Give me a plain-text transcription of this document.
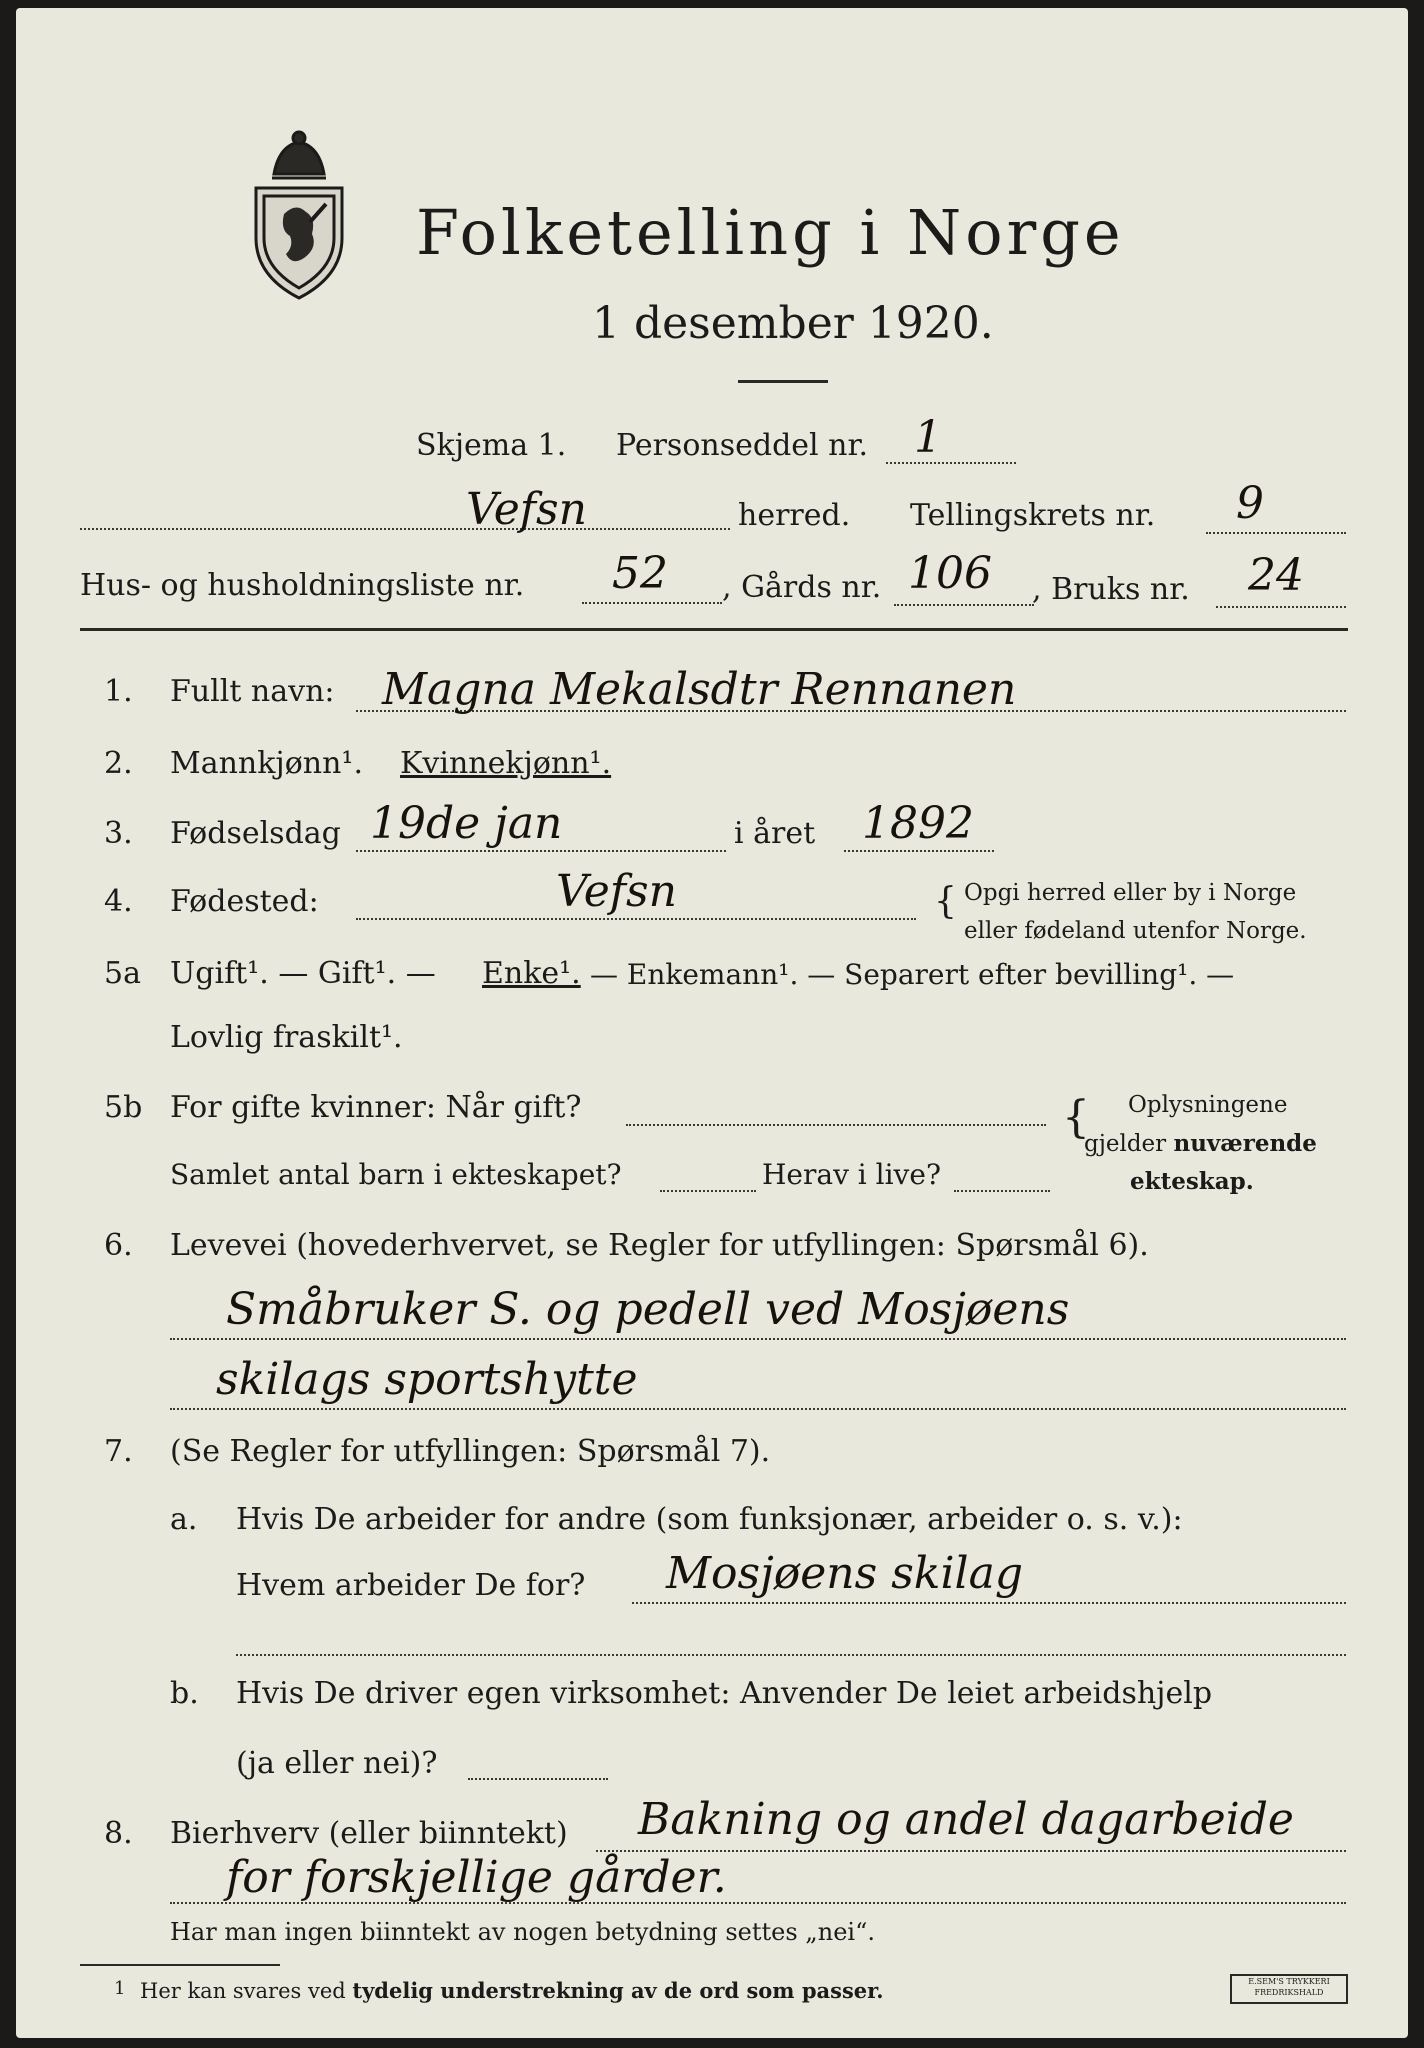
Folketelling i Norge
1 desember 1920.
Skjema 1. Personseddel nr. 1
Vefsn	herred. Tellingskrets nr. 9
Hus- og husholdningsliste nr. 52 , Gårds nr. 106 , Bruks nr. 24
1. Fullt navn: Magna Mekalsdtr Rennanen
2. Mannkjønn¹. Kvinnekjønn¹.
3. Fødselsdag 19de jan	i året 1892
4. Fødested:	Vefsn	{ Opgi herred eller by i Norge
eller fødeland utenfor Norge.
5a Ugift¹. — Gift¹. — Enke¹. — Enkemann¹. — Separert efter bevilling¹. —
Lovlig fraskilt¹.
5b For gifte kvinner: Når gift?
Samlet antal barn i ekteskapet?	Herav i live?
{ Oplysningene
gjelder nuværende
ekteskap.
6. Levevei (hovederhvervet, se Regler for utfyllingen: Spørsmål 6).
Småbruker S. og pedell ved Mosjøens
skilags sportshytte
7. (Se Regler for utfyllingen: Spørsmål 7).
a. Hvis De arbeider for andre (som funksjonær, arbeider o. s. v.):
Hvem arbeider De for? Mosjøens skilag
b. Hvis De driver egen virksomhet: Anvender De leiet arbeidshjelp
(ja eller nei)?
8. Bierhverv (eller biinntekt) Bakning og andel dagarbeide
for forskjellige gårder.
Har man ingen biinntekt av nogen betydning settes „nei“.
1 Her kan svares ved tydelig understrekning av de ord som passer.	E.SEM'S TRYKKERI FREDRIKSHALD
